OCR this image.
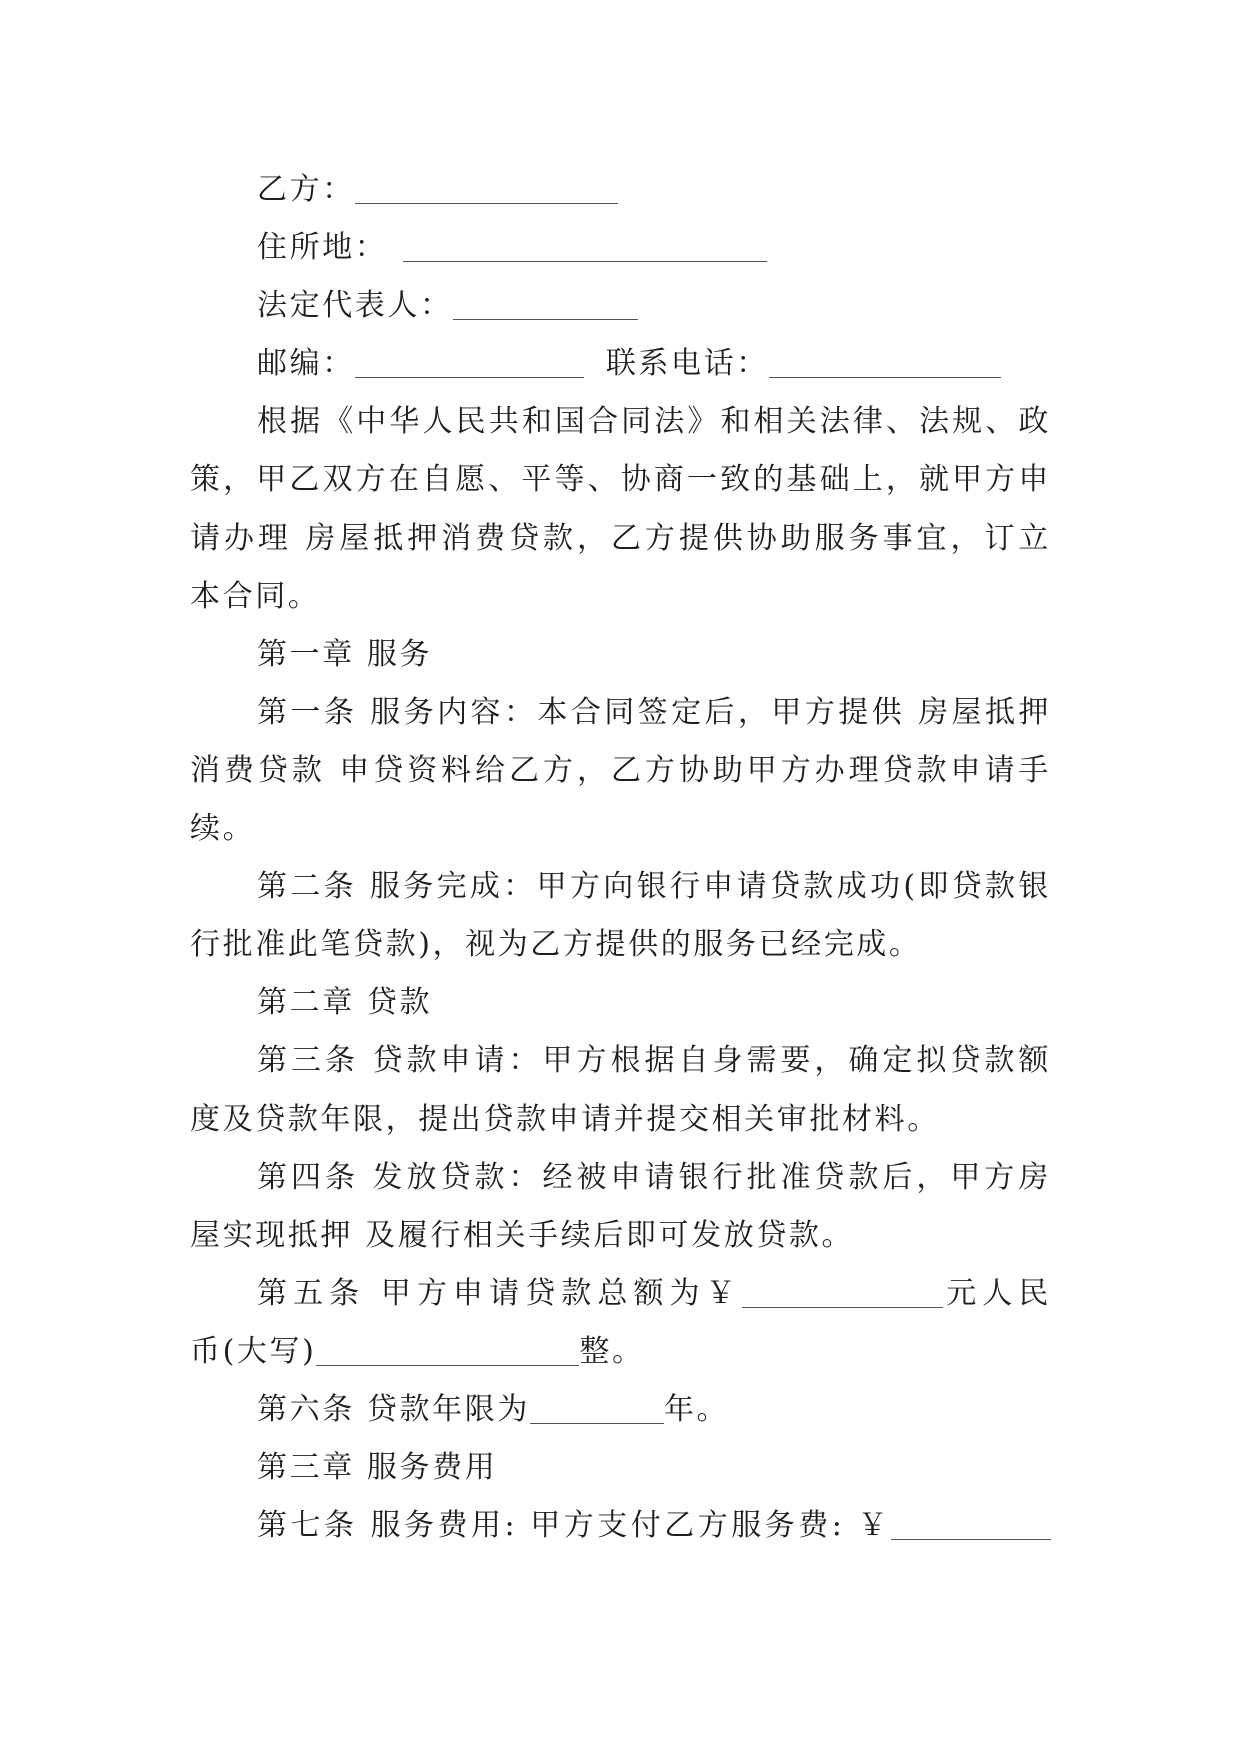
乙方：
住所地：
法定代表人：
邮编：	联系电话：
根据《中华人民共和国合同法》和相关法律、法规、政
策，甲乙双方在自愿、平等、协商一致的基础上，就甲方申
请办理 房屋抵押消费贷款，乙方提供协助服务事宜，订立
本合同。
第一章 服务
第一条 服务内容：本合同签定后，甲方提供 房屋抵押
消费贷款 申贷资料给乙方，乙方协助甲方办理贷款申请手
续。
第二条 服务完成：甲方向银行申请贷款成功(即贷款银
行批准此笔贷款)，视为乙方提供的服务已经完成。
第二章 贷款
第三条 贷款申请：甲方根据自身需要，确定拟贷款额
度及贷款年限，提出贷款申请并提交相关审批材料。
第四条 发放贷款：经被申请银行批准贷款后，甲方房
屋实现抵押 及履行相关手续后即可发放贷款。
第五条 甲方申请贷款总额为￥	元人民
币(大写)	整。
第六条 贷款年限为	年。
第三章 服务费用
第七条 服务费用: 甲方支付乙方服务费: ￥
